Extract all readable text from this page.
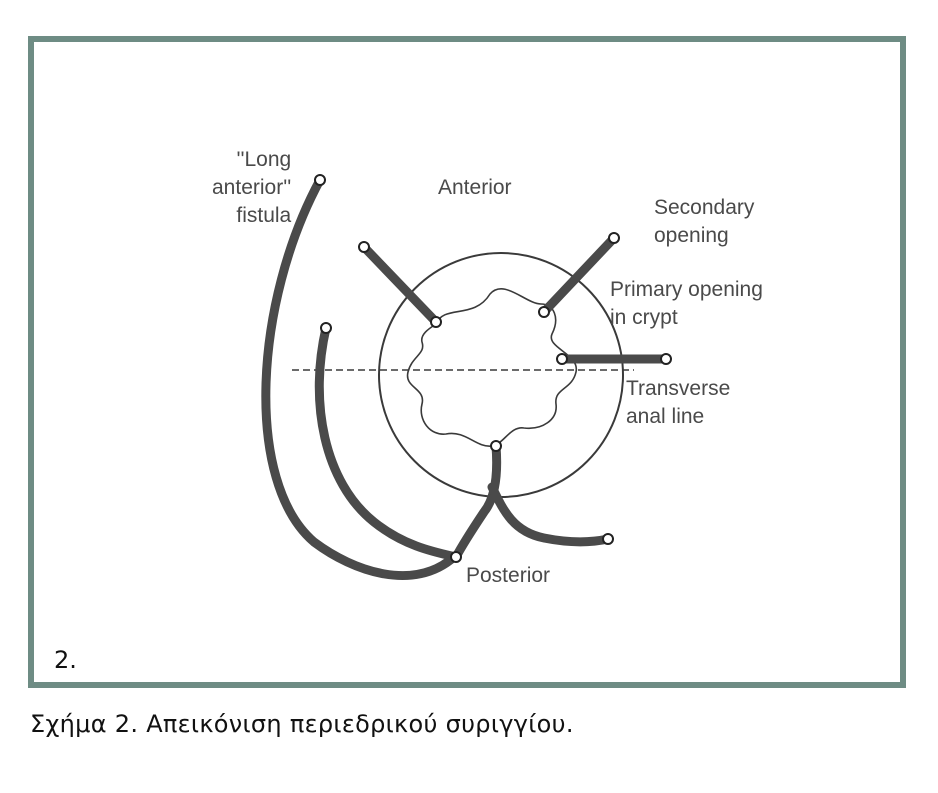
''Long
anterior''
fistula
Anterior
Secondary
opening
Primary opening
in crypt
Transverse
anal line
Posterior
2.
Σχήμα 2. Απεικόνιση περιεδρικού συριγγίου.
